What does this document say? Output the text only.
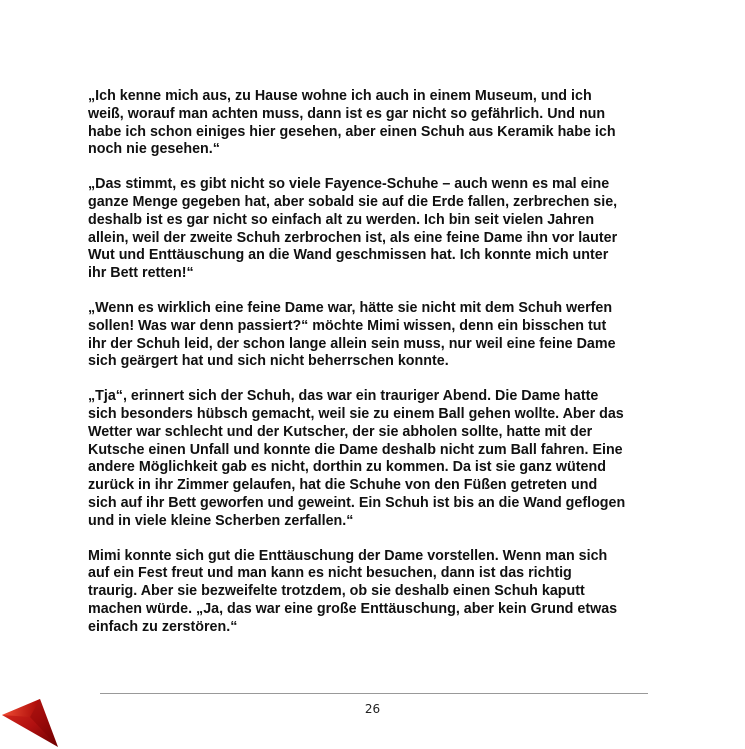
„Ich kenne mich aus, zu Hause wohne ich auch in einem Museum, und ich
weiß, worauf man achten muss, dann ist es gar nicht so gefährlich. Und nun
habe ich schon einiges hier gesehen, aber einen Schuh aus Keramik habe ich
noch nie gesehen.“

„Das stimmt, es gibt nicht so viele Fayence-Schuhe – auch wenn es mal eine
ganze Menge gegeben hat, aber sobald sie auf die Erde fallen, zerbrechen sie,
deshalb ist es gar nicht so einfach alt zu werden. Ich bin seit vielen Jahren
allein, weil der zweite Schuh zerbrochen ist, als eine feine Dame ihn vor lauter
Wut und Enttäuschung an die Wand geschmissen hat. Ich konnte mich unter
ihr Bett retten!“

„Wenn es wirklich eine feine Dame war, hätte sie nicht mit dem Schuh werfen
sollen! Was war denn passiert?“ möchte Mimi wissen, denn ein bisschen tut
ihr der Schuh leid, der schon lange allein sein muss, nur weil eine feine Dame
sich geärgert hat und sich nicht beherrschen konnte.

„Tja“, erinnert sich der Schuh, das war ein trauriger Abend. Die Dame hatte
sich besonders hübsch gemacht, weil sie zu einem Ball gehen wollte. Aber das
Wetter war schlecht und der Kutscher, der sie abholen sollte, hatte mit der
Kutsche einen Unfall und konnte die Dame deshalb nicht zum Ball fahren. Eine
andere Möglichkeit gab es nicht, dorthin zu kommen. Da ist sie ganz wütend
zurück in ihr Zimmer gelaufen, hat die Schuhe von den Füßen getreten und
sich auf ihr Bett geworfen und geweint. Ein Schuh ist bis an die Wand geflogen
und in viele kleine Scherben zerfallen.“

Mimi konnte sich gut die Enttäuschung der Dame vorstellen. Wenn man sich
auf ein Fest freut und man kann es nicht besuchen, dann ist das richtig
traurig. Aber sie bezweifelte trotzdem, ob sie deshalb einen Schuh kaputt
machen würde. „Ja, das war eine große Enttäuschung, aber kein Grund etwas
einfach zu zerstören.“

26
